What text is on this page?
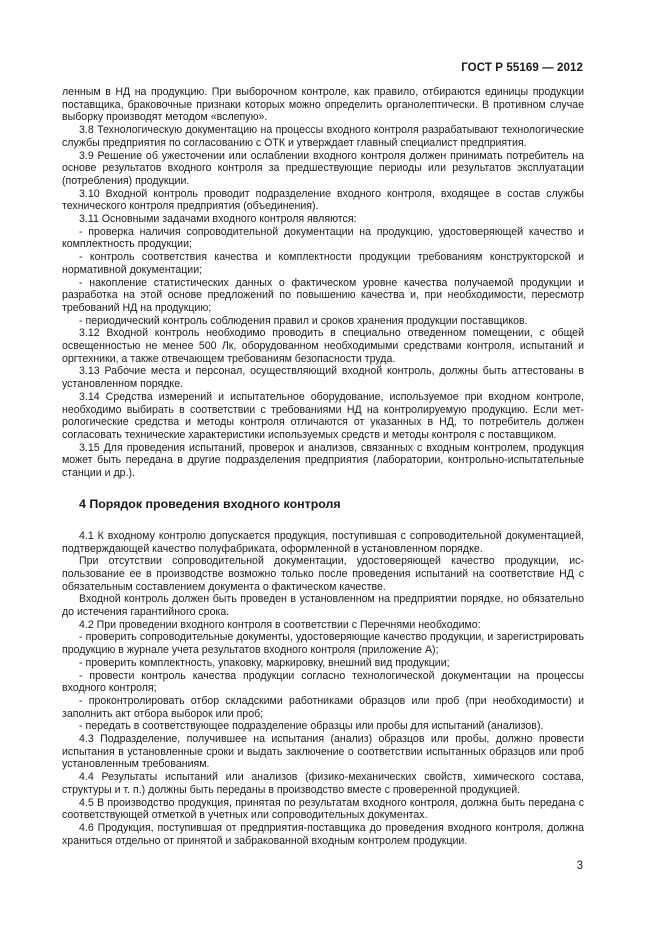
ГОСТ Р 55169 — 2012

ленным в НД на продукцию. При выборочном контроле, как правило, отбираются единицы продукции поставщика, браковочные признаки которых можно определить органолептически. В противном случае выборку производят методом «вслепую».

3.8 Технологическую документацию на процессы входного контроля разрабатывают технологические службы предприятия по согласованию с ОТК и утверждает главный специалист предприятия.

3.9 Решение об ужесточении или ослаблении входного контроля должен принимать потребитель на основе результатов входного контроля за предшествующие периоды или результатов эксплуатации (потребления) продукции.

3.10 Входной контроль проводит подразделение входного контроля, входящее в состав службы технического контроля предприятия (объединения).

3.11 Основными задачами входного контроля являются:

- проверка наличия сопроводительной документации на продукцию, удостоверяющей качество и комплектность продукции;

- контроль соответствия качества и комплектности продукции требованиям конструкторской и нормативной документации;

- накопление статистических данных о фактическом уровне качества получаемой продукции и разработка на этой основе предложений по повышению качества и, при необходимости, пересмотр требований НД на продукцию;

- периодический контроль соблюдения правил и сроков хранения продукции поставщиков.

3.12 Входной контроль необходимо проводить в специально отведенном помещении, с общей освещенностью не менее 500 Лк, оборудованном необходимыми средствами контроля, испытаний и оргтехники, а также отвечающем требованиям безопасности труда.

3.13 Рабочие места и персонал, осуществляющий входной контроль, должны быть аттестованы в установленном порядке.

3.14 Средства измерений и испытательное оборудование, используемое при входном контроле, необходимо выбирать в соответствии с требованиями НД на контролируемую продукцию. Если метрологические средства и методы контроля отличаются от указанных в НД, то потребитель должен согласовать технические характеристики используемых средств и методы контроля с поставщиком.

3.15 Для проведения испытаний, проверок и анализов, связанных с входным контролем, продукция может быть передана в другие подразделения предприятия (лаборатории, контрольно-испытательные станции и др.).

4 Порядок проведения входного контроля

4.1 К входному контролю допускается продукция, поступившая с сопроводительной документацией, подтверждающей качество полуфабриката, оформленной в установленном порядке.

При отсутствии сопроводительной документации, удостоверяющей качество продукции, использование ее в производстве возможно только после проведения испытаний на соответствие НД с обязательным составлением документа о фактическом качестве.

Входной контроль должен быть проведен в установленном на предприятии порядке, но обязательно до истечения гарантийного срока.

4.2 При проведении входного контроля в соответствии с Перечнями необходимо:

- проверить сопроводительные документы, удостоверяющие качество продукции, и зарегистрировать продукцию в журнале учета результатов входного контроля (приложение А);

- проверить комплектность, упаковку, маркировку, внешний вид продукции;

- провести контроль качества продукции согласно технологической документации на процессы входного контроля;

- проконтролировать отбор складскими работниками образцов или проб (при необходимости) и заполнить акт отбора выборок или проб;

- передать в соответствующее подразделение образцы или пробы для испытаний (анализов).

4.3 Подразделение, получившее на испытания (анализ) образцов или пробы, должно провести испытания в установленные сроки и выдать заключение о соответствии испытанных образцов или проб установленным требованиям.

4.4 Результаты испытаний или анализов (физико-механических свойств, химического состава, структуры и т. п.) должны быть переданы в производство вместе с проверенной продукцией.

4.5 В производство продукция, принятая по результатам входного контроля, должна быть передана с соответствующей отметкой в учетных или сопроводительных документах.

4.6 Продукция, поступившая от предприятия-поставщика до проведения входного контроля, должна храниться отдельно от принятой и забракованной входным контролем продукции.

3
